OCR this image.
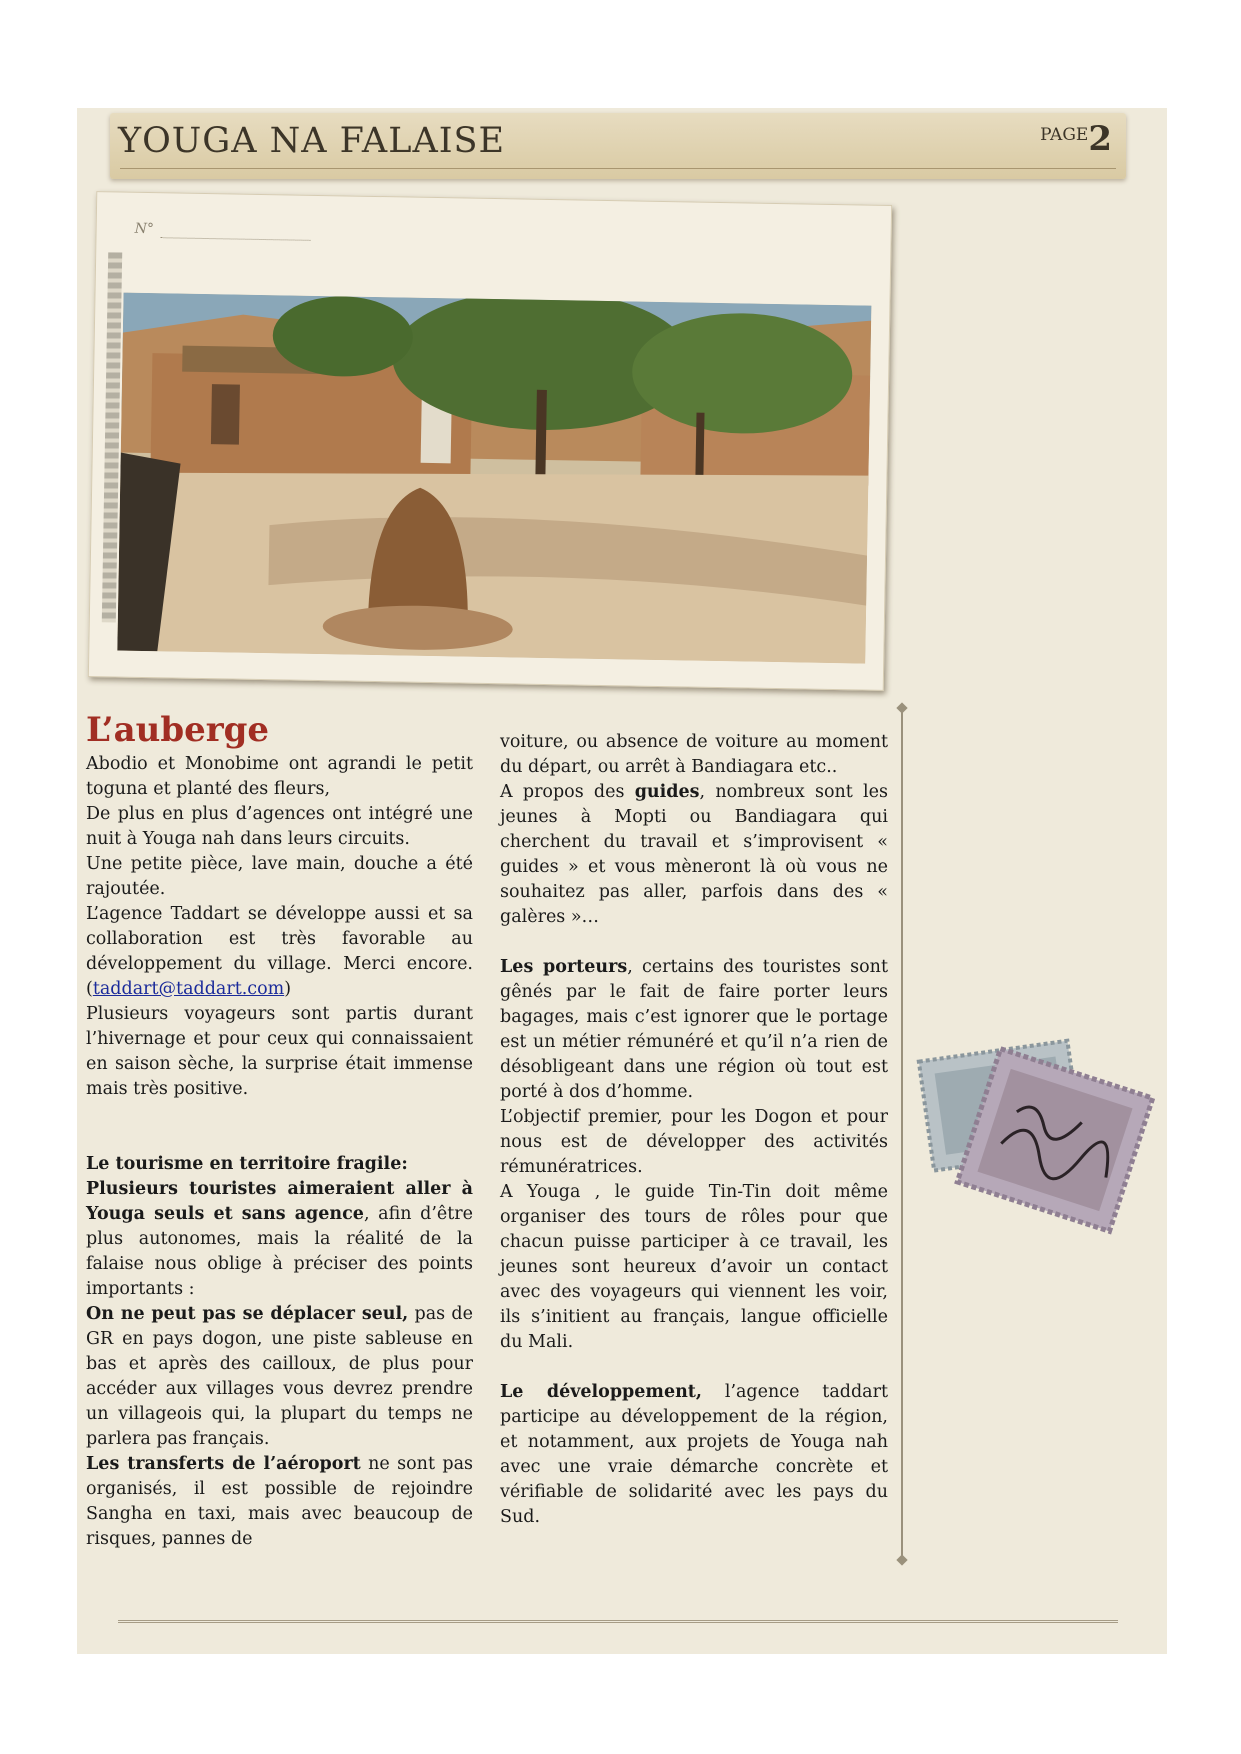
YOUGA NA FALAISE	PAGE2
N°
L’auberge

Abodio et Monobime ont agrandi le petit toguna et planté des fleurs,

De plus en plus d’agences ont intégré une nuit à Youga nah dans leurs circuits.

Une petite pièce, lave main, douche a été rajoutée.

L’agence Taddart se développe aussi et sa collaboration est très favorable au développement du village. Merci encore. (taddart@taddart.com)

Plusieurs voyageurs sont partis durant l’hivernage et pour ceux qui connaissaient en saison sèche, la surprise était immense mais très positive.

Le tourisme en territoire fragile:

Plusieurs touristes aimeraient aller à Youga seuls et sans agence, afin d’être plus autonomes, mais la réalité de la falaise nous oblige à préciser des points importants :

On ne peut pas se déplacer seul, pas de GR en pays dogon, une piste sableuse en bas et après des cailloux, de plus pour accéder aux villages vous devrez prendre un villageois qui, la plupart du temps ne parlera pas français.

Les transferts de l’aéroport ne sont pas organisés, il est possible de rejoindre Sangha en taxi, mais avec beaucoup de risques, pannes de

voiture, ou absence de voiture au moment du départ, ou arrêt à Bandiagara etc..

A propos des guides, nombreux sont les jeunes à Mopti ou Bandiagara qui cherchent du travail et s’improvisent « guides » et vous mèneront là où vous ne souhaitez pas aller, parfois dans des « galères »…

Les porteurs, certains des touristes sont gênés par le fait de faire porter leurs bagages, mais c’est ignorer que le portage est un métier rémunéré et qu’il n’a rien de désobligeant dans une région où tout est porté à dos d’homme.

L’objectif premier, pour les Dogon et pour nous est de développer des activités rémunératrices.

A Youga , le guide Tin-Tin doit même organiser des tours de rôles pour que chacun puisse participer à ce travail, les jeunes sont heureux d’avoir un contact avec des voyageurs qui viennent les voir, ils s’initient au français, langue officielle du Mali.

Le développement, l’agence taddart participe au développement de la région, et notamment, aux projets de Youga nah avec une vraie démarche concrète et vérifiable de solidarité avec les pays du Sud.
